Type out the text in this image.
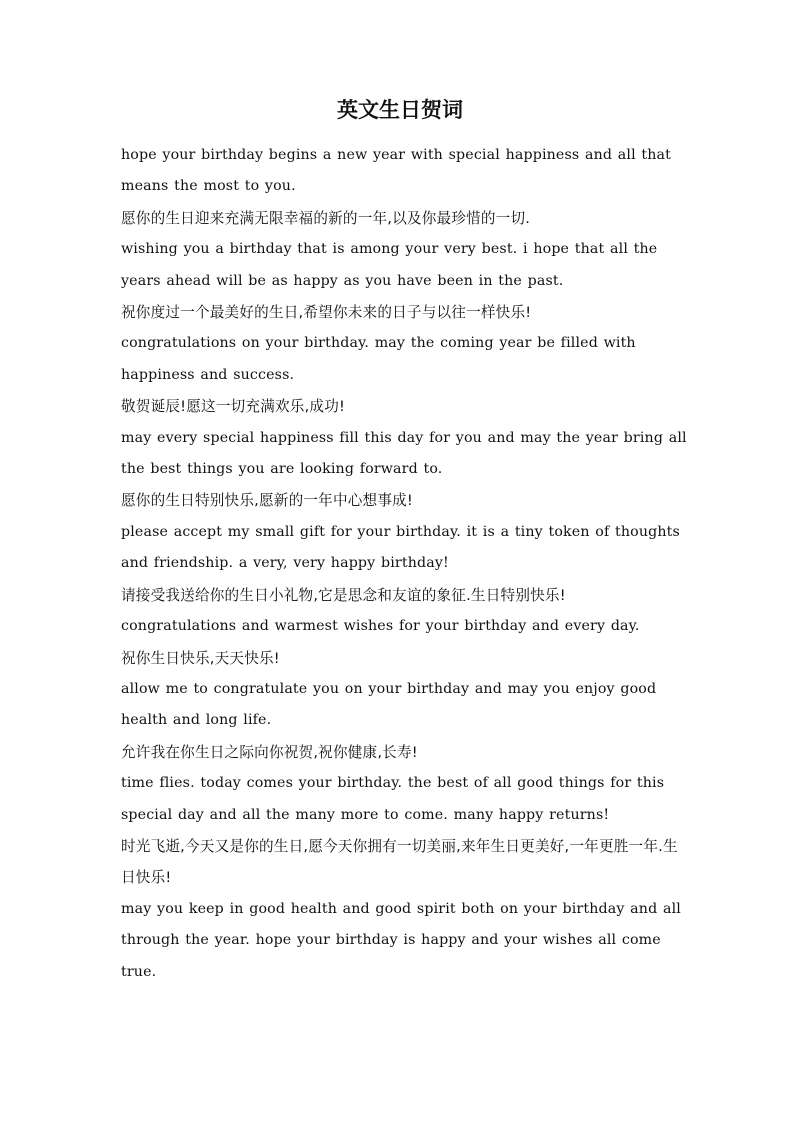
英文生日贺词

hope your birthday begins a new year with special happiness and all that means the most to you.

愿你的生日迎来充满无限幸福的新的一年,以及你最珍惜的一切.

wishing you a birthday that is among your very best. i hope that all the years ahead will be as happy as you have been in the past.

祝你度过一个最美好的生日,希望你未来的日子与以往一样快乐!

congratulations on your birthday. may the coming year be filled with happiness and success.

敬贺诞辰!愿这一切充满欢乐,成功!

may every special happiness fill this day for you and may the year bring all the best things you are looking forward to.

愿你的生日特别快乐,愿新的一年中心想事成!

please accept my small gift for your birthday. it is a tiny token of thoughts and friendship. a very, very happy birthday!

请接受我送给你的生日小礼物,它是思念和友谊的象征.生日特别快乐!

congratulations and warmest wishes for your birthday and every day.

祝你生日快乐,天天快乐!

allow me to congratulate you on your birthday and may you enjoy good health and long life.

允许我在你生日之际向你祝贺,祝你健康,长寿!

time flies. today comes your birthday. the best of all good things for this special day and all the many more to come. many happy returns!

时光飞逝,今天又是你的生日,愿今天你拥有一切美丽,来年生日更美好,一年更胜一年.生日快乐!

may you keep in good health and good spirit both on your birthday and all through the year. hope your birthday is happy and your wishes all come true.
